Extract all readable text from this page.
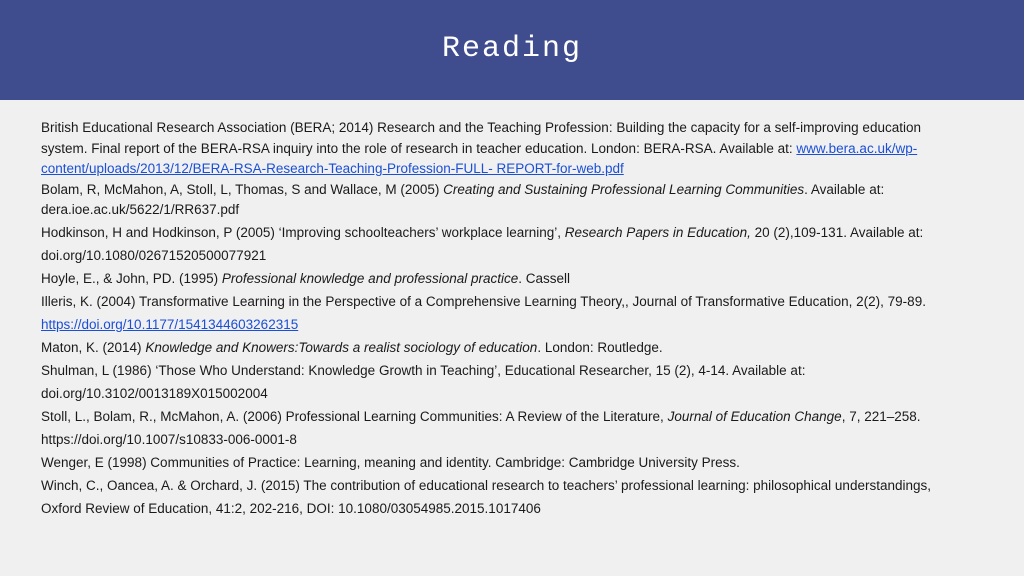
Reading

British Educational Research Association (BERA; 2014) Research and the Teaching Profession: Building the capacity for a self-improving education system. Final report of the BERA-RSA inquiry into the role of research in teacher education. London: BERA-RSA. Available at: www.bera.ac.uk/wp-content/uploads/2013/12/BERA-RSA-Research-Teaching-Profession-FULL- REPORT-for-web.pdf

Bolam, R, McMahon, A, Stoll, L, Thomas, S and Wallace, M (2005) Creating and Sustaining Professional Learning Communities. Available at: dera.ioe.ac.uk/5622/1/RR637.pdf

Hodkinson, H and Hodkinson, P (2005) ‘Improving schoolteachers’ workplace learning’, Research Papers in Education, 20 (2),109-131. Available at: doi.org/10.1080/02671520500077921

Hoyle, E., & John, PD. (1995) Professional knowledge and professional practice. Cassell

Illeris, K. (2004) Transformative Learning in the Perspective of a Comprehensive Learning Theory,, Journal of Transformative Education, 2(2), 79-89. https://doi.org/10.1177/1541344603262315

Maton, K. (2014) Knowledge and Knowers:Towards a realist sociology of education. London: Routledge.

Shulman, L (1986) ‘Those Who Understand: Knowledge Growth in Teaching’, Educational Researcher, 15 (2), 4-14. Available at: doi.org/10.3102/0013189X015002004

Stoll, L., Bolam, R., McMahon, A. (2006) Professional Learning Communities: A Review of the Literature, Journal of Education Change, 7, 221–258. https://doi.org/10.1007/s10833-006-0001-8

Wenger, E (1998) Communities of Practice: Learning, meaning and identity. Cambridge: Cambridge University Press.

Winch, C., Oancea, A. & Orchard, J. (2015) The contribution of educational research to teachers’ professional learning: philosophical understandings, Oxford Review of Education, 41:2, 202-216, DOI: 10.1080/03054985.2015.1017406
